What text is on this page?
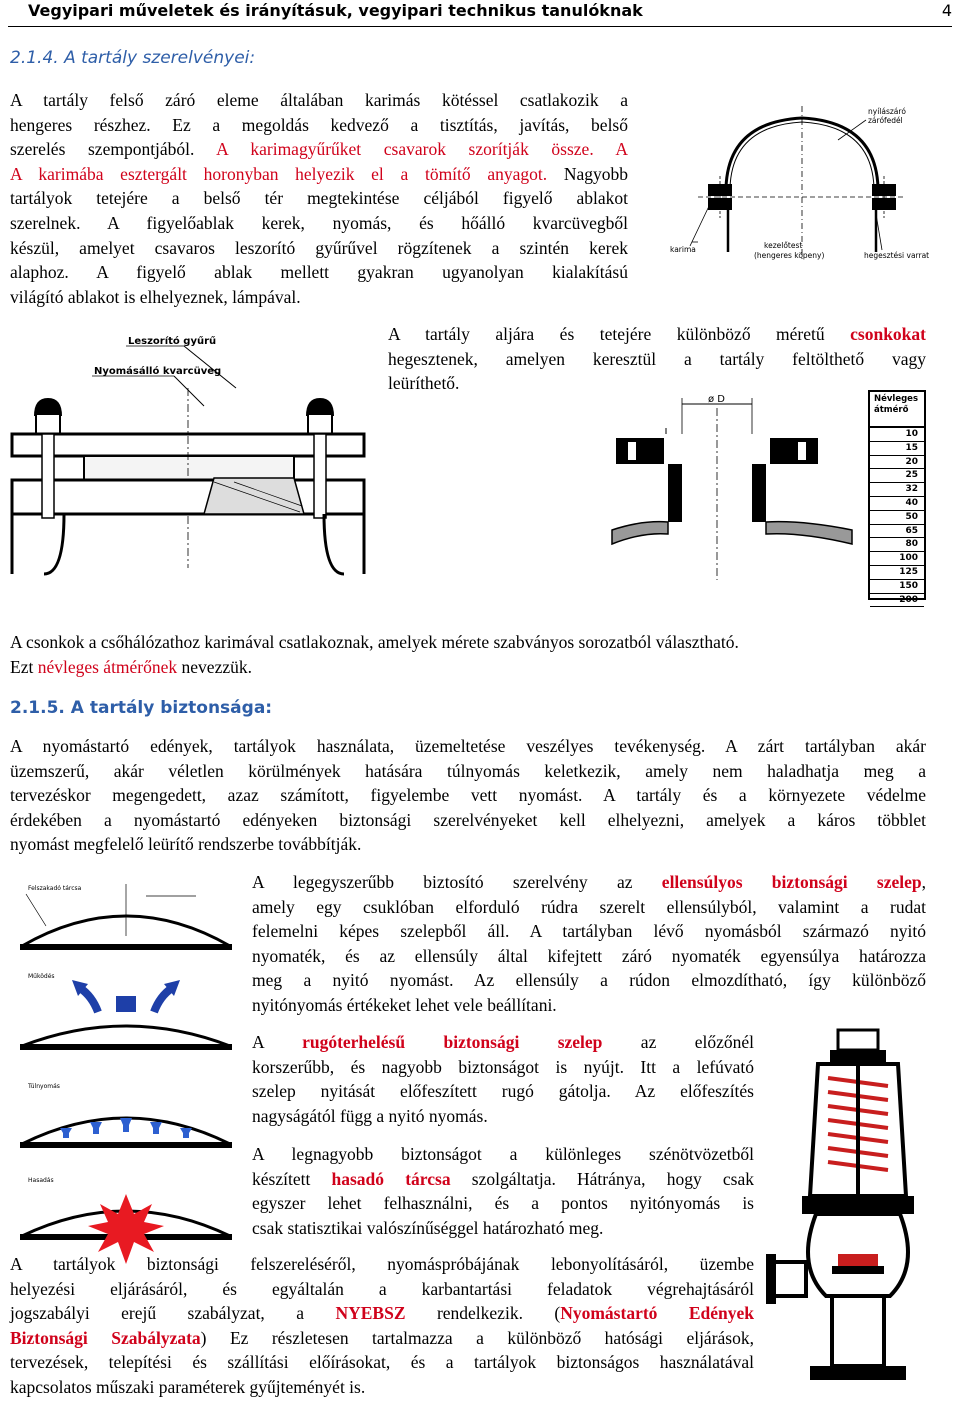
Vegyipari műveletek és irányításuk, vegyipari technikus tanulóknak	4
2.1.4. A tartály szerelvényei:
A tartály felső záró eleme általában karimás kötéssel csatlakozik a
hengeres részhez. Ez a megoldás kedvező a tisztítás, javítás, belső
szerelés szempontjából. A karimagyűrűket csavarok szorítják össze. A
A karimába esztergált horonyban helyezik el a tömítő anyagot. Nagyobb
tartályok tetejére a belső tér megtekintése céljából figyelő ablakot
szerelnek. A figyelőablak kerek, nyomás, és hőálló kvarcüvegből
készül, amelyet csavaros leszorító gyűrűvel rögzítenek a szintén kerek
alaphoz. A figyelő ablak mellett gyakran ugyanolyan kialakítású
világító ablakot is elhelyeznek, lámpával.
nyílászáró
zárófedél
karima	kezelőtest
(hengeres köpeny)	hegesztési varrat
A tartály aljára és tetejére különböző méretű csonkokat
hegesztenek, amelyen keresztül a tartály feltölthető vagy
leüríthető.
Leszorító gyűrű
Nyomásálló kvarcüveg
ø D	Névleges
átmérő
10
15
20
25
32
40
50
65
80
100
125
150
200
A csonkok a csőhálózathoz karimával csatlakoznak, amelyek mérete szabványos sorozatból választható.
Ezt névleges átmérőnek nevezzük.
2.1.5. A tartály biztonsága:
A nyomástartó edények, tartályok használata, üzemeltetése veszélyes tevékenység. A zárt tartályban akár
üzemszerű, akár véletlen körülmények hatására túlnyomás keletkezik, amely nem haladhatja meg a
tervezéskor megengedett, azaz számított, figyelembe vett nyomást. A tartály és a környezete védelme
érdekében a nyomástartó edényeken biztonsági szerelvényeket kell elhelyezni, amelyek a káros többlet
nyomást megfelelő leürítő rendszerbe továbbítják.
Felszakadó tárcsa
Működés
Túlnyomás
Hasadás
A legegyszerűbb biztosító szerelvény az ellensúlyos biztonsági szelep,
amely egy csuklóban elforduló rúdra szerelt ellensúlyból, valamint a rudat
felemelni képes szelepből áll. A tartályban lévő nyomásból származó nyitó
nyomaték, és az ellensúly által kifejtett záró nyomaték egyensúlya határozza
meg a nyitó nyomást. Az ellensúly a rúdon elmozdítható, így különböző
nyitónyomás értékeket lehet vele beállítani.
A rugóterhelésű biztonsági szelep az előzőnél
korszerűbb, és nagyobb biztonságot is nyújt. Itt a lefúvató
szelep nyitását előfeszített rugó gátolja. Az előfeszítés
nagyságától függ a nyitó nyomás.
A legnagyobb biztonságot a különleges szénötvözetből
készített hasadó tárcsa szolgáltatja. Hátránya, hogy csak
egyszer lehet felhasználni, és a pontos nyitónyomás is
csak statisztikai valószínűséggel határozható meg.
A tartályok biztonsági felszereléséről, nyomáspróbájának lebonyolításáról, üzembe
helyezési eljárásáról, és egyáltalán a karbantartási feladatok végrehajtásáról
jogszabályi erejű szabályzat, a NYEBSZ rendelkezik. (Nyomástartó Edények
Biztonsági Szabályzata) Ez részletesen tartalmazza a különböző hatósági eljárások,
tervezések, telepítési és szállítási előírásokat, és a tartályok biztonságos használatával
kapcsolatos műszaki paraméterek gyűjteményét is.
